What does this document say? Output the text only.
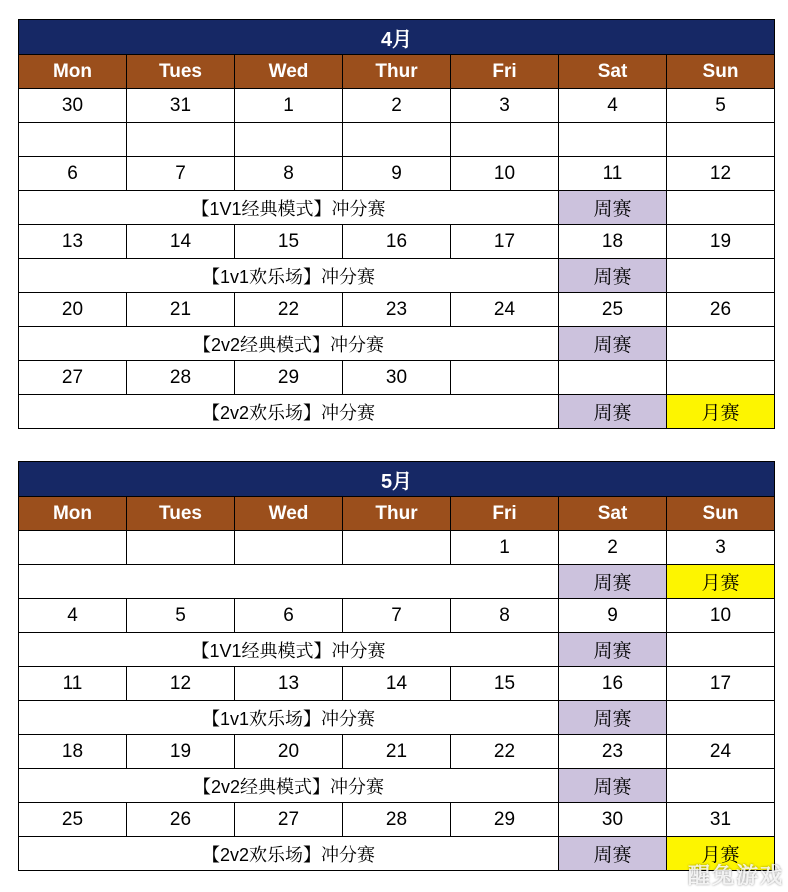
4月						
Mon	Tues	Wed	Thur	Fri	Sat	Sun
30	31	1	2	3	4	5

6	7	8	9	10	11	12
【1V1经典模式】冲分赛					周赛	
13	14	15	16	17	18	19
【1v1欢乐场】冲分赛					周赛	
20	21	22	23	24	25	26
【2v2经典模式】冲分赛					周赛	
27	28	29	30			
【2v2欢乐场】冲分赛					周赛	月赛
5月						
Mon	Tues	Wed	Thur	Fri	Sat	Sun
				1	2	3
					周赛	月赛
4	5	6	7	8	9	10
【1V1经典模式】冲分赛					周赛	
11	12	13	14	15	16	17
【1v1欢乐场】冲分赛					周赛	
18	19	20	21	22	23	24
【2v2经典模式】冲分赛					周赛	
25	26	27	28	29	30	31
【2v2欢乐场】冲分赛					周赛	月赛
醒兔游戏
